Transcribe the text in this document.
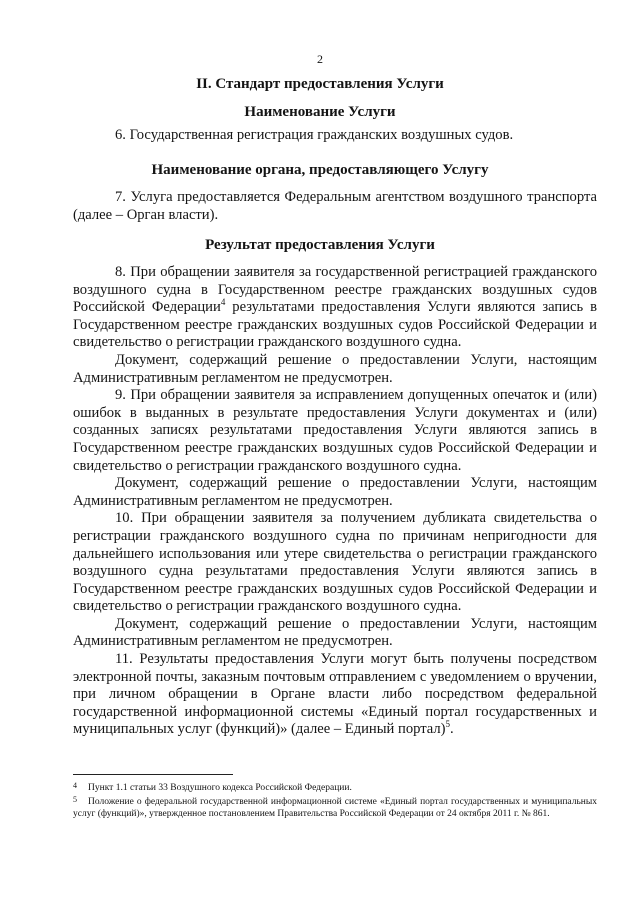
2
II. Стандарт предоставления Услуги
Наименование Услуги

6. Государственная регистрация гражданских воздушных судов.

Наименование органа, предоставляющего Услугу

7. Услуга предоставляется Федеральным агентством воздушного транспорта (далее – Орган власти).

Результат предоставления Услуги

8. При обращении заявителя за государственной регистрацией гражданского воздушного судна в Государственном реестре гражданских воздушных судов Российской Федерации$^4$ результатами предоставления Услуги являются запись в Государственном реестре гражданских воздушных судов Российской Федерации и свидетельство о регистрации гражданского воздушного судна.

Документ, содержащий решение о предоставлении Услуги, настоящим Административным регламентом не предусмотрен.

9. При обращении заявителя за исправлением допущенных опечаток и (или) ошибок в выданных в результате предоставления Услуги документах и (или) созданных записях результатами предоставления Услуги являются запись в Государственном реестре гражданских воздушных судов Российской Федерации и свидетельство о регистрации гражданского воздушного судна.

Документ, содержащий решение о предоставлении Услуги, настоящим Административным регламентом не предусмотрен.

10. При обращении заявителя за получением дубликата свидетельства о регистрации гражданского воздушного судна по причинам непригодности для дальнейшего использования или утере свидетельства о регистрации гражданского воздушного судна результатами предоставления Услуги являются запись в Государственном реестре гражданских воздушных судов Российской Федерации и свидетельство о регистрации гражданского воздушного судна.

Документ, содержащий решение о предоставлении Услуги, настоящим Административным регламентом не предусмотрен.

11. Результаты предоставления Услуги могут быть получены посредством электронной почты, заказным почтовым отправлением с уведомлением о вручении, при личном обращении в Органе власти либо посредством федеральной государственной информационной системы «Единый портал государственных и муниципальных услуг (функций)» (далее – Единый портал)$^5$.

4 Пункт 1.1 статьи 33 Воздушного кодекса Российской Федерации.
5 Положение о федеральной государственной информационной системе «Единый портал государственных и муниципальных услуг (функций)», утвержденное постановлением Правительства Российской Федерации от 24 октября 2011 г. № 861.
